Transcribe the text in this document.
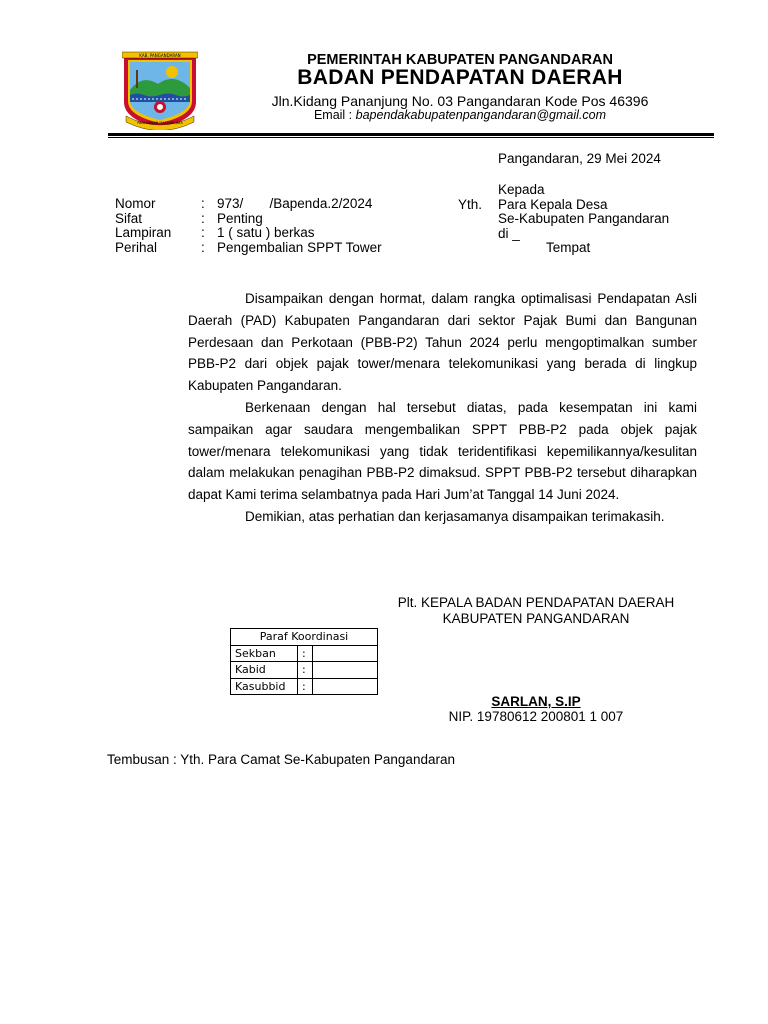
KAB. PANGANDARAN
PAGI KAWAN MAKMUR JAYA
PEMERINTAH KABUPATEN PANGANDARAN
BADAN PENDAPATAN DAERAH
Jln.Kidang Pananjung No. 03 Pangandaran Kode Pos 46396
Email : bapendakabupatenpangandaran@gmail.com
Pangandaran, 29 Mei 2024
Nomor	:	973/       /Bapenda.2/2024
Sifat	:	Penting
Lampiran	:	1 ( satu ) berkas
Perihal	:	Pengembalian SPPT Tower
Kepada
Yth. Para Kepala Desa
Se-Kabupaten Pangandaran
di _
Tempat

Disampaikan dengan hormat, dalam rangka optimalisasi Pendapatan Asli Daerah (PAD) Kabupaten Pangandaran dari sektor Pajak Bumi dan Bangunan Perdesaan dan Perkotaan (PBB-P2) Tahun 2024 perlu mengoptimalkan sumber PBB-P2 dari objek pajak tower/menara telekomunikasi yang berada di lingkup Kabupaten Pangandaran.

Berkenaan dengan hal tersebut diatas, pada kesempatan ini kami sampaikan agar saudara mengembalikan SPPT PBB-P2 pada objek pajak tower/menara telekomunikasi yang tidak teridentifikasi kepemilikannya/kesulitan dalam melakukan penagihan PBB-P2 dimaksud. SPPT PBB-P2 tersebut diharapkan dapat Kami terima selambatnya pada Hari Jum’at Tanggal 14 Juni 2024.

Demikian, atas perhatian dan kerjasamanya disampaikan terimakasih.

Plt. KEPALA BADAN PENDAPATAN DAERAH
KABUPATEN PANGANDARAN
Paraf Koordinasi		
Sekban	:	
Kabid	:	
Kasubbid	:	
SARLAN, S.IP
NIP. 19780612 200801 1 007
Tembusan : Yth. Para Camat Se-Kabupaten Pangandaran
